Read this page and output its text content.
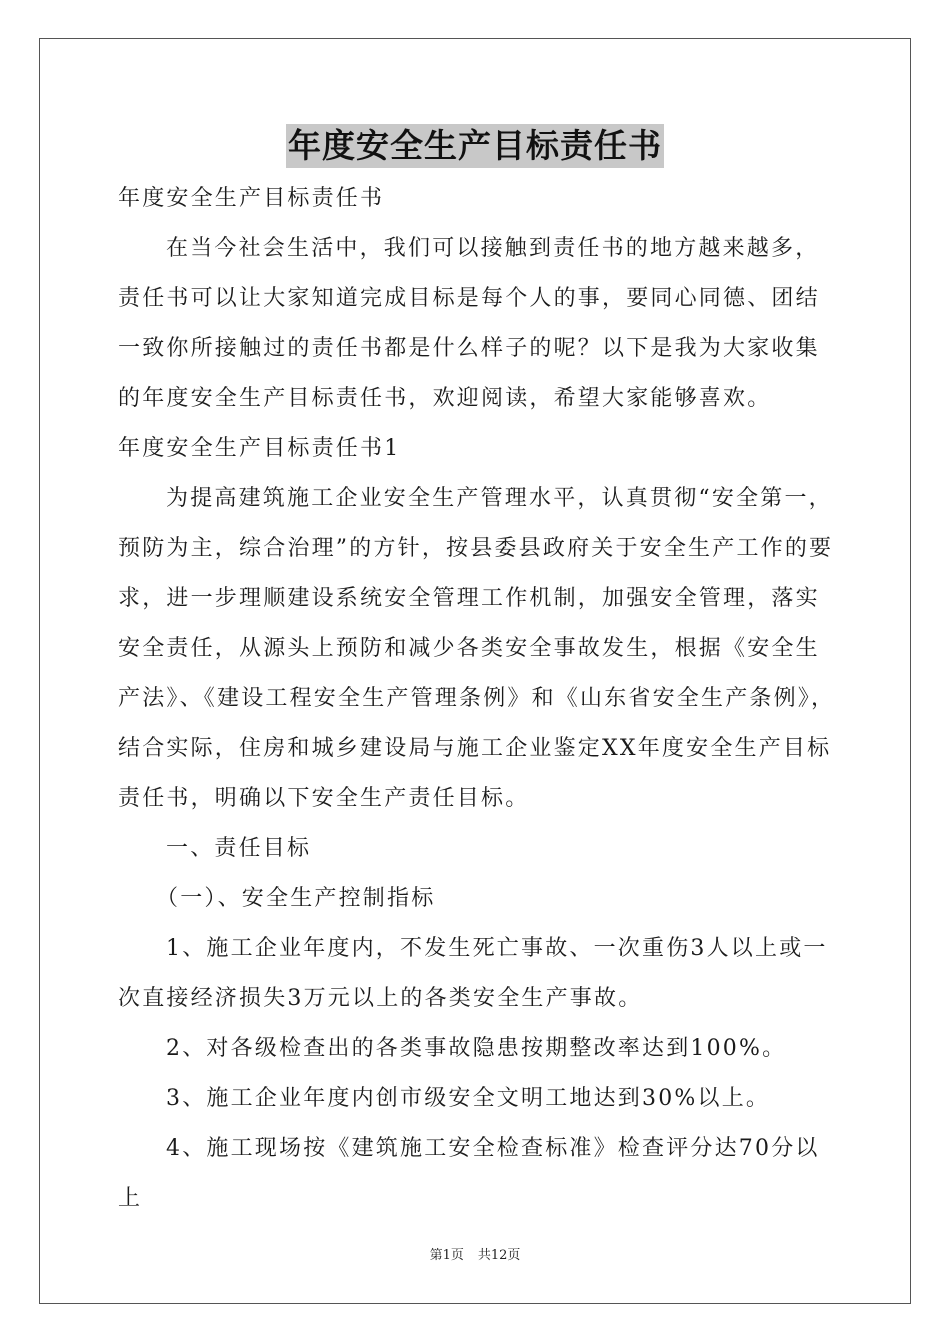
年度安全生产目标责任书

年度安全生产目标责任书

在当今社会生活中，我们可以接触到责任书的地方越来越多，责任书可以让大家知道完成目标是每个人的事，要同心同德、团结一致你所接触过的责任书都是什么样子的呢？以下是我为大家收集的年度安全生产目标责任书，欢迎阅读，希望大家能够喜欢。

年度安全生产目标责任书1

为提高建筑施工企业安全生产管理水平，认真贯彻“安全第一，预防为主，综合治理”的方针，按县委县政府关于安全生产工作的要求，进一步理顺建设系统安全管理工作机制，加强安全管理，落实安全责任，从源头上预防和减少各类安全事故发生，根据《安全生产法》、《建设工程安全生产管理条例》和《山东省安全生产条例》，结合实际，住房和城乡建设局与施工企业鉴定XX年度安全生产目标责任书，明确以下安全生产责任目标。

一、责任目标

（一）、安全生产控制指标

1、施工企业年度内，不发生死亡事故、一次重伤3人以上或一次直接经济损失3万元以上的各类安全生产事故。

2、对各级检查出的各类事故隐患按期整改率达到100%。

3、施工企业年度内创市级安全文明工地达到30%以上。

4、施工现场按《建筑施工安全检查标准》检查评分达70分以上

第1页 共12页
